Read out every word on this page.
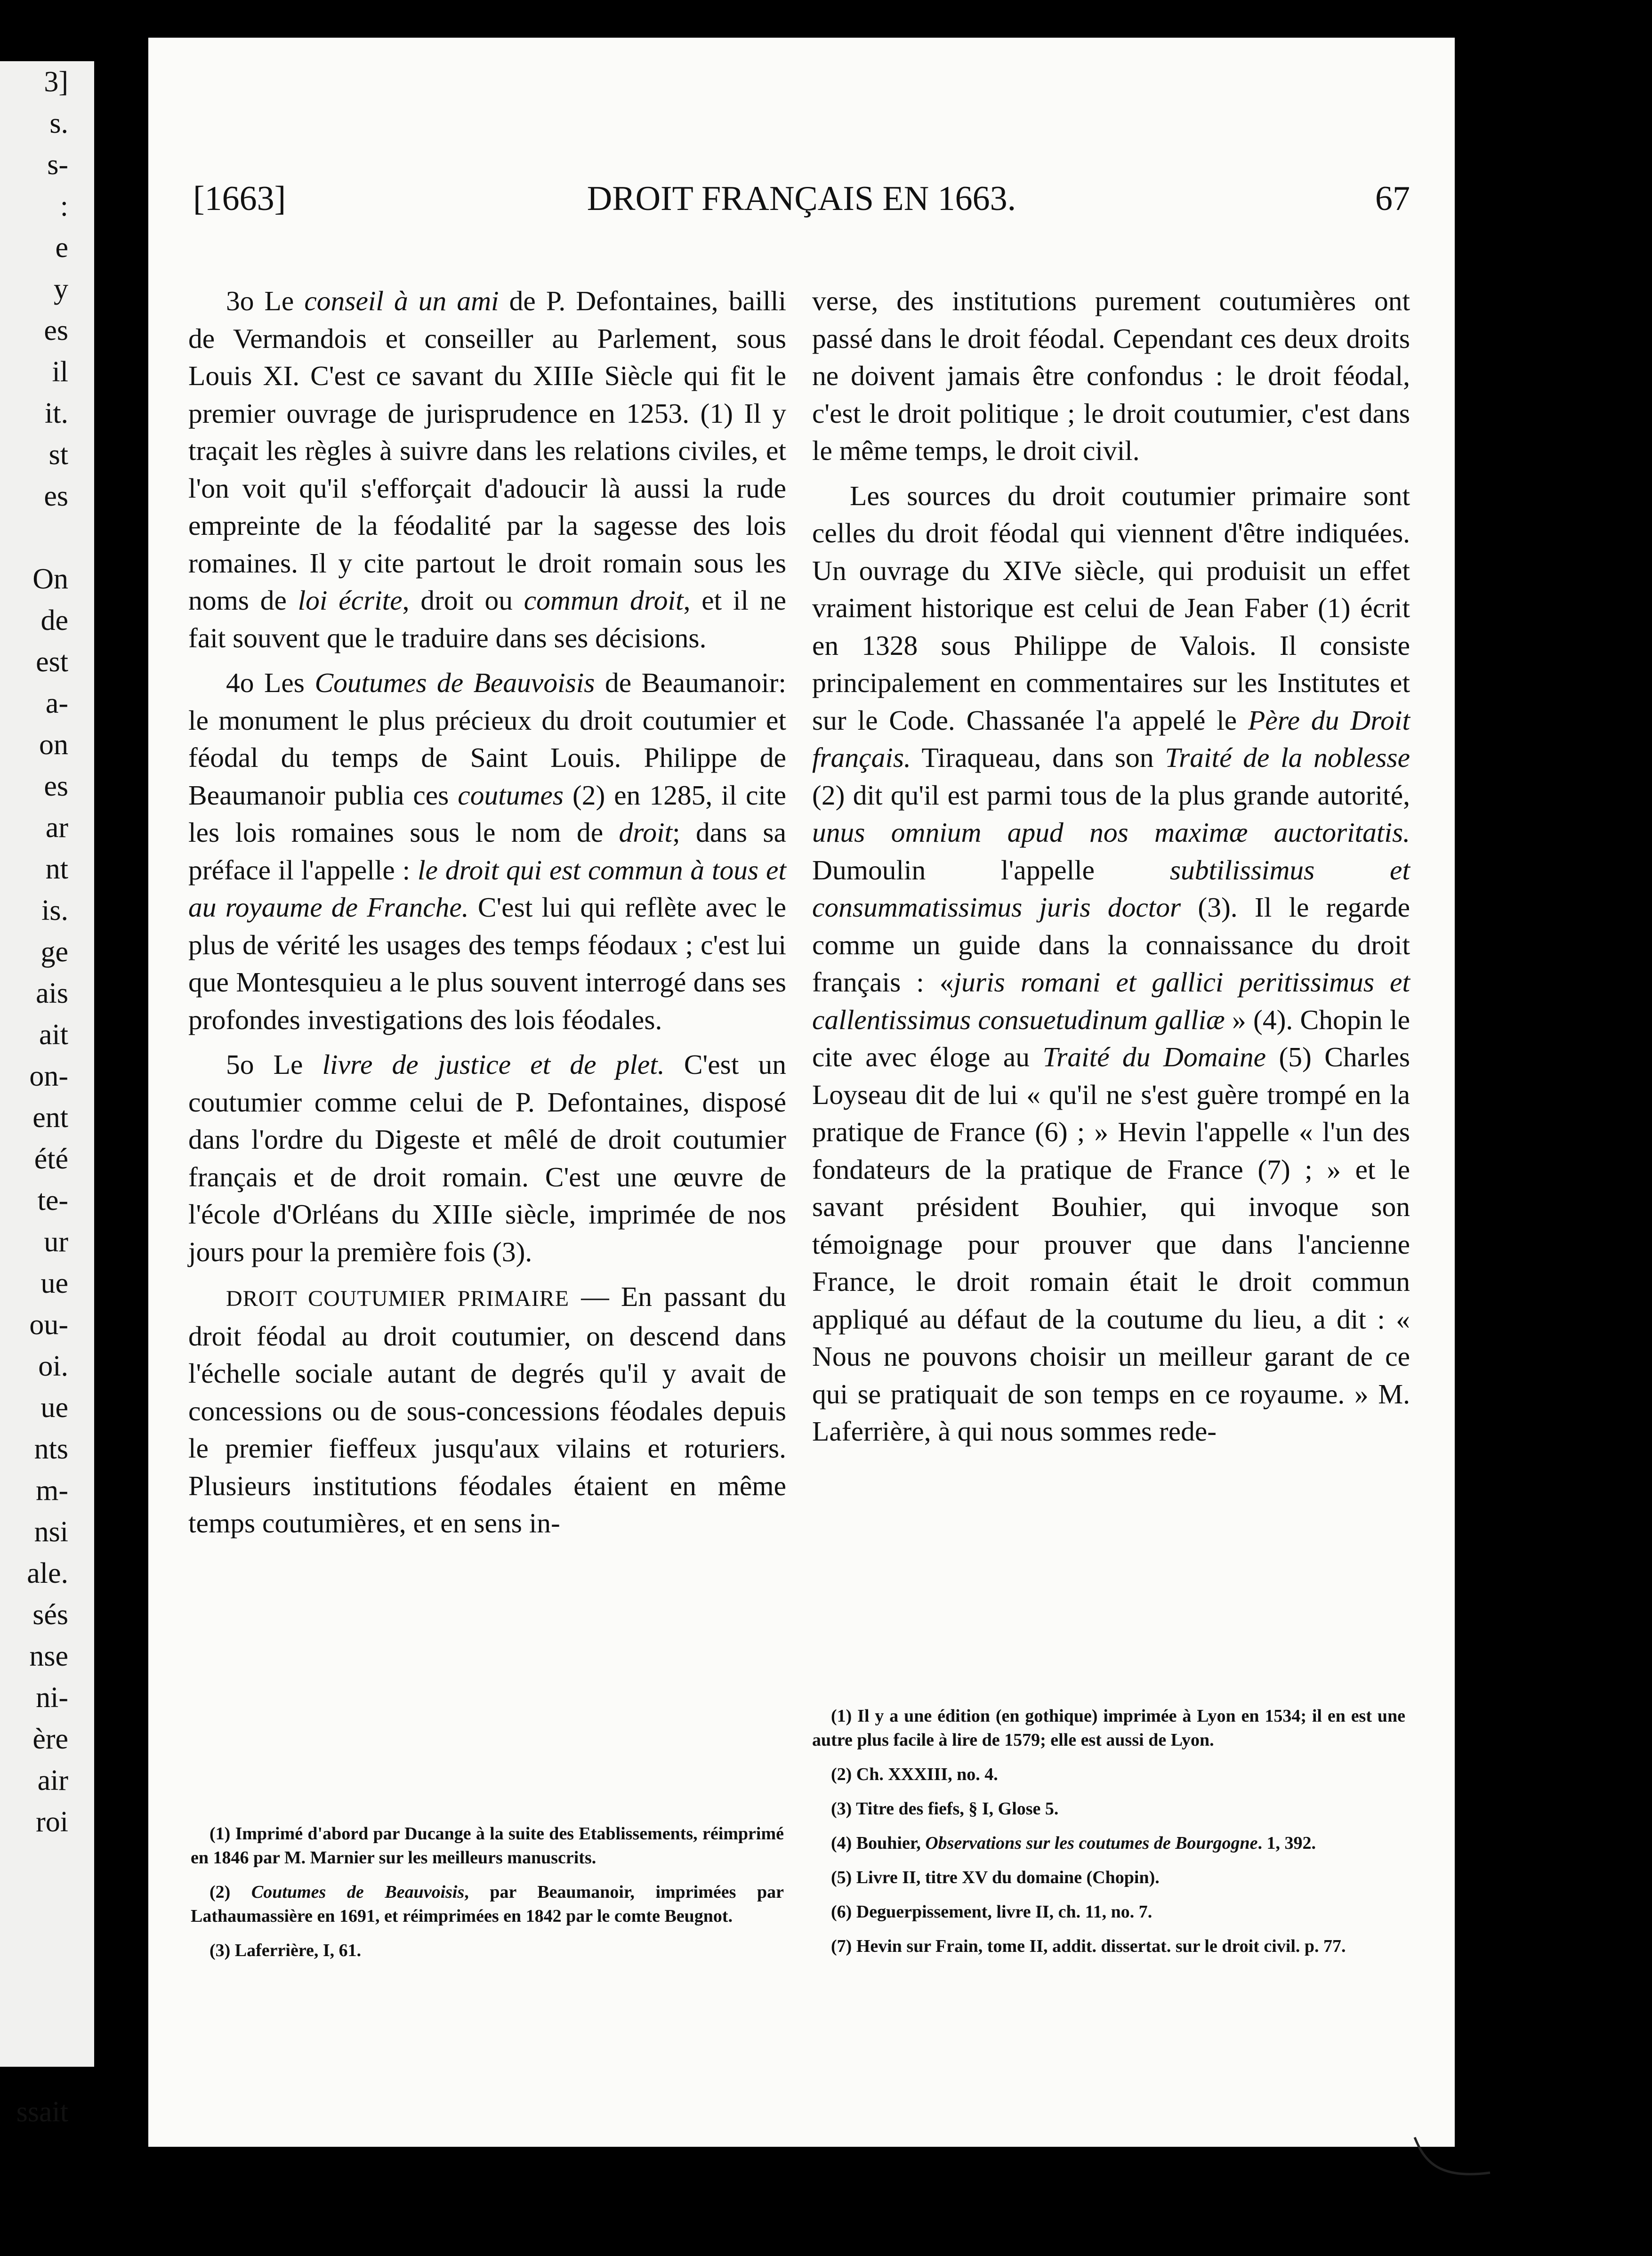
3]
s.
s-
:
e
y
es
il
it.
st
es

On
de
est
a-
on
es
ar
nt
is.
ge
ais
ait
on-
ent
été
te-
ur
ue
ou-
oi.
ue
nts
m-
nsi
ale.
sés
nse
ni-
ère
air
roi

ssait
[1663]	DROIT FRANÇAIS EN 1663.	67

3o Le conseil à un ami de P. Defontaines, bailli de Vermandois et conseiller au Parlement, sous Louis XI. C'est ce savant du XIIIe Siècle qui fit le premier ouvrage de jurisprudence en 1253. (1) Il y traçait les règles à suivre dans les relations civiles, et l'on voit qu'il s'efforçait d'adoucir là aussi la rude empreinte de la féodalité par la sagesse des lois romaines. Il y cite partout le droit romain sous les noms de loi écrite, droit ou commun droit, et il ne fait souvent que le traduire dans ses décisions.

4o Les Coutumes de Beauvoisis de Beaumanoir: le monument le plus précieux du droit coutumier et féodal du temps de Saint Louis. Philippe de Beaumanoir publia ces coutumes (2) en 1285, il cite les lois romaines sous le nom de droit; dans sa préface il l'appelle : le droit qui est commun à tous et au royaume de Franche. C'est lui qui reflète avec le plus de vérité les usages des temps féodaux ; c'est lui que Montesquieu a le plus souvent interrogé dans ses profondes investigations des lois féodales.

5o Le livre de justice et de plet. C'est un coutumier comme celui de P. Defontaines, disposé dans l'ordre du Digeste et mêlé de droit coutumier français et de droit romain. C'est une œuvre de l'école d'Orléans du XIIIe siècle, imprimée de nos jours pour la première fois (3).

DROIT COUTUMIER PRIMAIRE — En passant du droit féodal au droit coutumier, on descend dans l'échelle sociale autant de degrés qu'il y avait de concessions ou de sous-concessions féodales depuis le premier fieffeux jusqu'aux vilains et roturiers. Plusieurs institutions féodales étaient en même temps coutumières, et en sens in-

verse, des institutions purement coutumières ont passé dans le droit féodal. Cependant ces deux droits ne doivent jamais être confondus : le droit féodal, c'est le droit politique ; le droit coutumier, c'est dans le même temps, le droit civil.

Les sources du droit coutumier primaire sont celles du droit féodal qui viennent d'être indiquées. Un ouvrage du XIVe siècle, qui produisit un effet vraiment historique est celui de Jean Faber (1) écrit en 1328 sous Philippe de Valois. Il consiste principalement en commentaires sur les Institutes et sur le Code. Chassanée l'a appelé le Père du Droit français. Tiraqueau, dans son Traité de la noblesse (2) dit qu'il est parmi tous de la plus grande autorité, unus omnium apud nos maximæ auctoritatis. Dumoulin l'appelle subtilissimus et consummatissimus juris doctor (3). Il le regarde comme un guide dans la connaissance du droit français : «juris romani et gallici peritissimus et callentissimus consuetudinum galliæ » (4). Chopin le cite avec éloge au Traité du Domaine (5) Charles Loyseau dit de lui « qu'il ne s'est guère trompé en la pratique de France (6) ; » Hevin l'appelle « l'un des fondateurs de la pratique de France (7) ; » et le savant président Bouhier, qui invoque son témoignage pour prouver que dans l'ancienne France, le droit romain était le droit commun appliqué au défaut de la coutume du lieu, a dit : « Nous ne pouvons choisir un meilleur garant de ce qui se pratiquait de son temps en ce royaume. » M. Laferrière, à qui nous sommes rede-

(1) Imprimé d'abord par Ducange à la suite des Etablissements, réimprimé en 1846 par M. Marnier sur les meilleurs manuscrits.

(2) Coutumes de Beauvoisis, par Beaumanoir, imprimées par Lathaumassière en 1691, et réimprimées en 1842 par le comte Beugnot.

(3) Laferrière, I, 61.

(1) Il y a une édition (en gothique) imprimée à Lyon en 1534; il en est une autre plus facile à lire de 1579; elle est aussi de Lyon.

(2) Ch. XXXIII, no. 4.

(3) Titre des fiefs, § I, Glose 5.

(4) Bouhier, Observations sur les coutumes de Bourgogne. 1, 392.

(5) Livre II, titre XV du domaine (Chopin).

(6) Deguerpissement, livre II, ch. 11, no. 7.

(7) Hevin sur Frain, tome II, addit. dissertat. sur le droit civil. p. 77.
